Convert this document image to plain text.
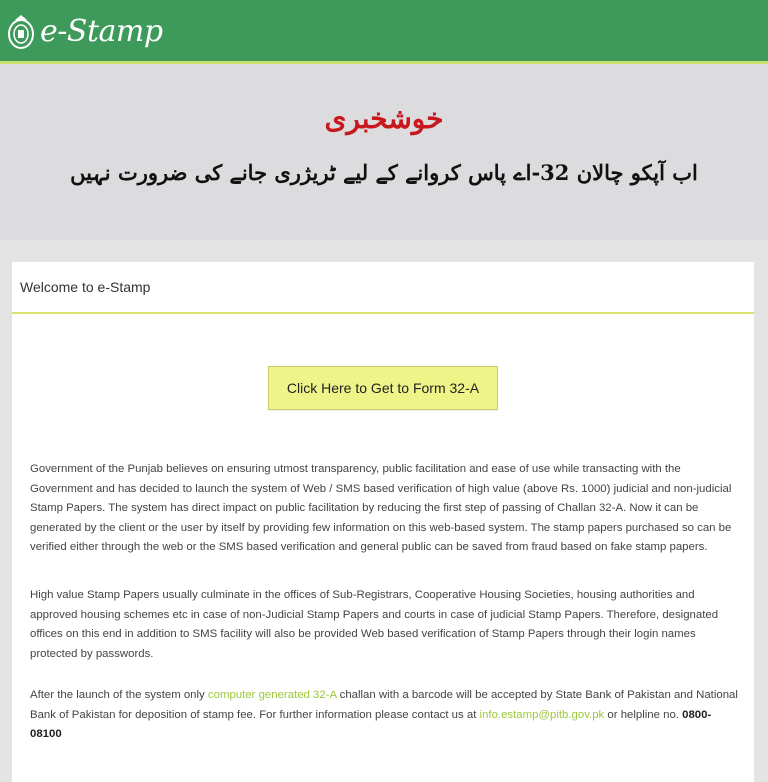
e-Stamp
خوشخبری
اب آپکو چالان 32-اے پاس کروانے کے لیے ٹریژری جانے کی ضرورت نہیں
Welcome to e-Stamp
Click Here to Get to Form 32-A

Government of the Punjab believes on ensuring utmost transparency, public facilitation and ease of use while transacting with the Government and has decided to launch the system of Web / SMS based verification of high value (above Rs. 1000) judicial and non-judicial Stamp Papers. The system has direct impact on public facilitation by reducing the first step of passing of Challan 32-A. Now it can be generated by the client or the user by itself by providing few information on this web-based system. The stamp papers purchased so can be verified either through the web or the SMS based verification and general public can be saved from fraud based on fake stamp papers.

High value Stamp Papers usually culminate in the offices of Sub-Registrars, Cooperative Housing Societies, housing authorities and approved housing schemes etc in case of non-Judicial Stamp Papers and courts in case of judicial Stamp Papers. Therefore, designated offices on this end in addition to SMS facility will also be provided Web based verification of Stamp Papers through their login names protected by passwords.

After the launch of the system only computer generated 32-A challan with a barcode will be accepted by State Bank of Pakistan and National Bank of Pakistan for deposition of stamp fee. For further information please contact us at info.estamp@pitb.gov.pk or helpline no. 0800-08100
